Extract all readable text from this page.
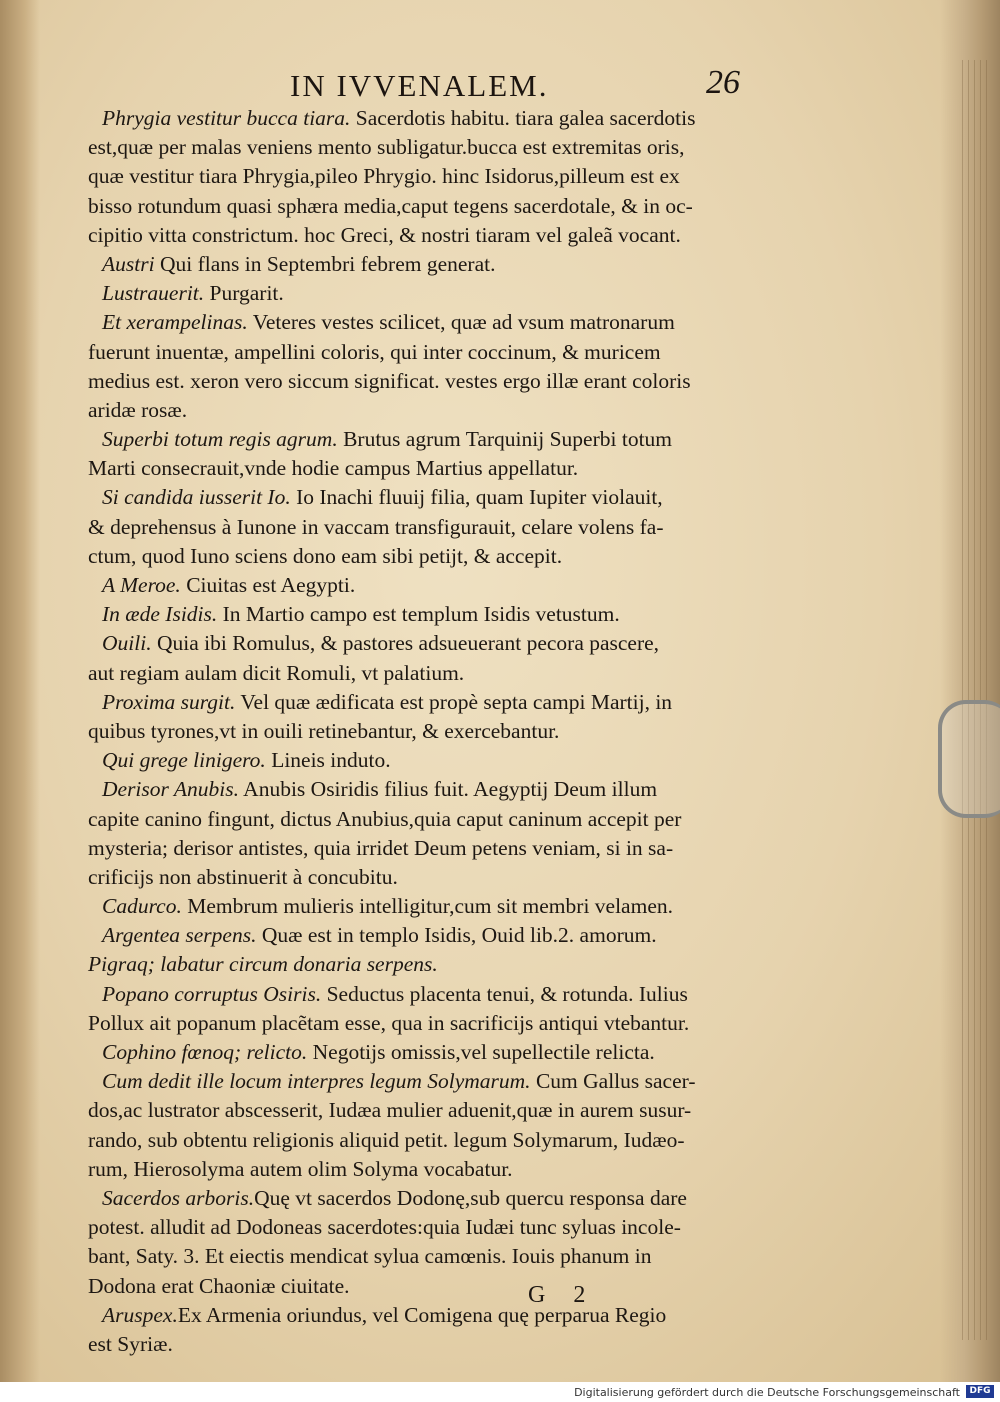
IN IVVENALEM.	26
Phrygia vestitur bucca tiara. Sacerdotis habitu. tiara galea sacerdotis
est,quæ per malas veniens mento subligatur.bucca est extremitas oris,
quæ vestitur tiara Phrygia,pileo Phrygio. hinc Isidorus,pilleum est ex
bisso rotundum quasi sphæra media,caput tegens sacerdotale, & in oc-
cipitio vitta constrictum. hoc Greci, & nostri tiaram vel galeã vocant.
Austri Qui flans in Septembri febrem generat.
Lustrauerit. Purgarit.
Et xerampelinas. Veteres vestes scilicet, quæ ad vsum matronarum
fuerunt inuentæ, ampellini coloris, qui inter coccinum, & muricem
medius est. xeron vero siccum significat. vestes ergo illæ erant coloris
aridæ rosæ.
Superbi totum regis agrum. Brutus agrum Tarquinij Superbi totum
Marti consecrauit,vnde hodie campus Martius appellatur.
Si candida iusserit Io. Io Inachi fluuij filia, quam Iupiter violauit,
& deprehensus à Iunone in vaccam transfigurauit, celare volens fa-
ctum, quod Iuno sciens dono eam sibi petijt, & accepit.
A Meroe. Ciuitas est Aegypti.
In æde Isidis. In Martio campo est templum Isidis vetustum.
Ouili. Quia ibi Romulus, & pastores adsueuerant pecora pascere,
aut regiam aulam dicit Romuli, vt palatium.
Proxima surgit. Vel quæ ædificata est propè septa campi Martij, in
quibus tyrones,vt in ouili retinebantur, & exercebantur.
Qui grege linigero. Lineis induto.
Derisor Anubis. Anubis Osiridis filius fuit. Aegyptij Deum illum
capite canino fingunt, dictus Anubius,quia caput caninum accepit per
mysteria; derisor antistes, quia irridet Deum petens veniam, si in sa-
crificijs non abstinuerit à concubitu.
Cadurco. Membrum mulieris intelligitur,cum sit membri velamen.
Argentea serpens. Quæ est in templo Isidis, Ouid lib.2. amorum.
Pigraq; labatur circum donaria serpens.
Popano corruptus Osiris. Seductus placenta tenui, & rotunda. Iulius
Pollux ait popanum placẽtam esse, qua in sacrificijs antiqui vtebantur.
Cophino fœnoq; relicto. Negotijs omissis,vel supellectile relicta.
Cum dedit ille locum interpres legum Solymarum. Cum Gallus sacer-
dos,ac lustrator abscesserit, Iudæa mulier aduenit,quæ in aurem susur-
rando, sub obtentu religionis aliquid petit. legum Solymarum, Iudæo-
rum, Hierosolyma autem olim Solyma vocabatur.
Sacerdos arboris.Quę vt sacerdos Dodonę,sub quercu responsa dare
potest. alludit ad Dodoneas sacerdotes:quia Iudæi tunc syluas incole-
bant, Saty. 3. Et eiectis mendicat sylua camœnis. Iouis phanum in
Dodona erat Chaoniæ ciuitate.
Aruspex.Ex Armenia oriundus, vel Comigena quę perparua Regio
est Syriæ.
G 2
Digitalisierung gefördert durch die Deutsche Forschungsgemeinschaft	DFG
